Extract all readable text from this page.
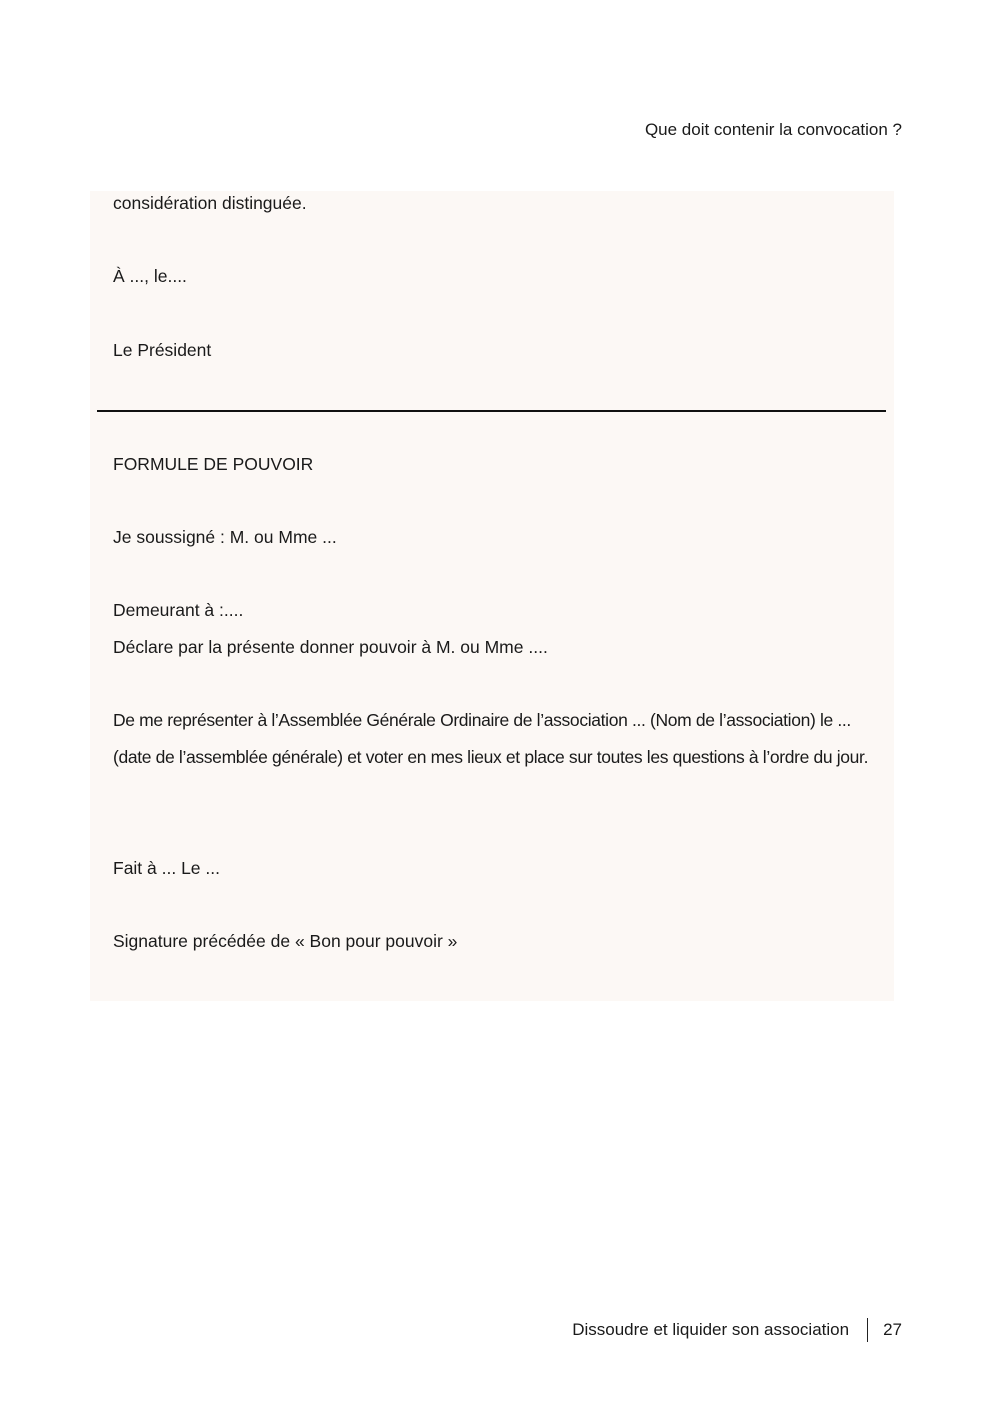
Que doit contenir la convocation ?
considération distinguée.
À ..., le....
Le Président
FORMULE DE POUVOIR
Je soussigné : M. ou Mme ...
Demeurant à :....
Déclare par la présente donner pouvoir à M. ou Mme ....
De me représenter à l’Assemblée Générale Ordinaire de l’association ... (Nom de l’association) le ... (date de l’assemblée générale) et voter en mes lieux et place sur toutes les questions à l’ordre du jour.
Fait à ... Le ...
Signature précédée de « Bon pour pouvoir »
Dissoudre et liquider son association 27
